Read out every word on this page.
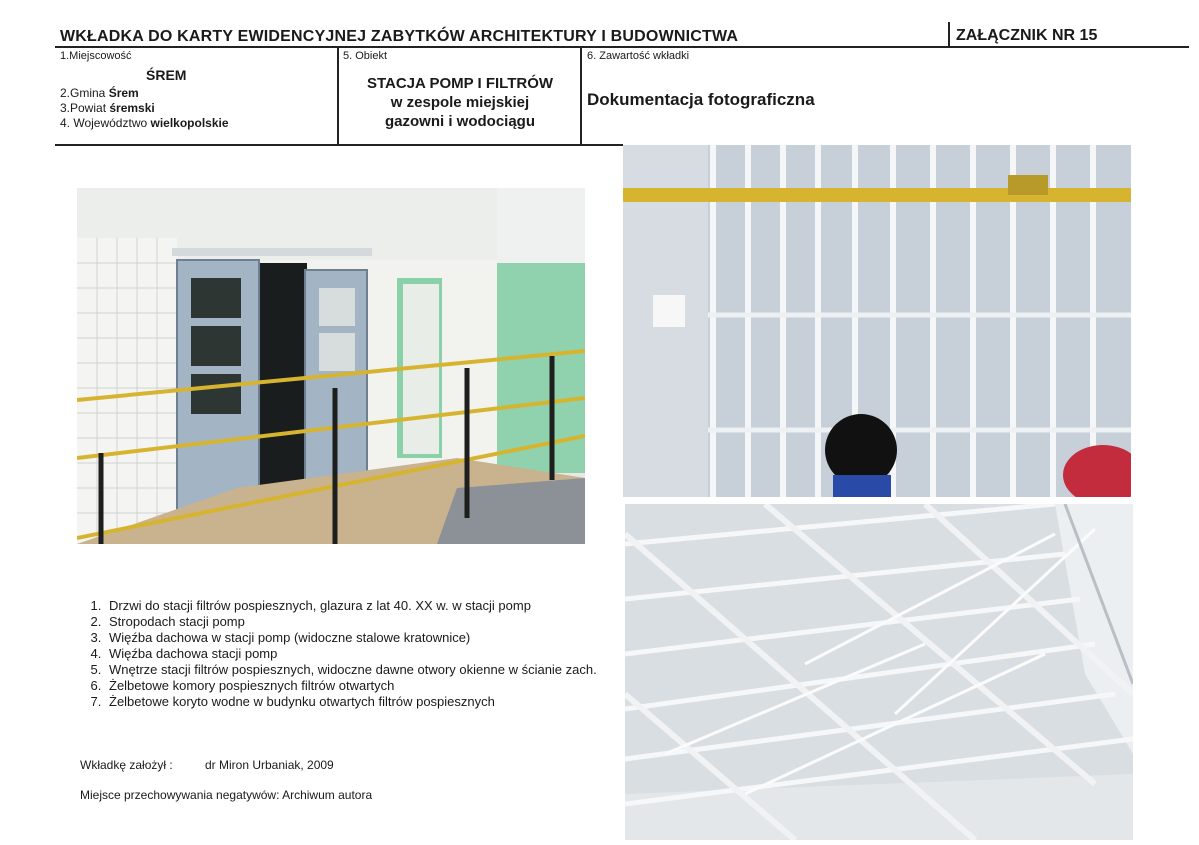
WKŁADKA DO KARTY EWIDENCYJNEJ ZABYTKÓW ARCHITEKTURY I BUDOWNICTWA	ZAŁĄCZNIK NR 15
1.Miejscowość
ŚREM
2.Gmina Śrem
3.Powiat śremski
4. Województwo wielkopolskie
5. Obiekt
STACJA POMP I FILTRÓW
w zespole miejskiej
gazowni i wodociągu
6. Zawartość wkładki
Dokumentacja fotograficzna
1. Drzwi do stacji filtrów pospiesznych, glazura z lat 40. XX w. w stacji pomp
2. Stropodach stacji pomp
3. Więźba dachowa w stacji pomp (widoczne stalowe kratownice)
4. Więźba dachowa stacji pomp
5. Wnętrze stacji filtrów pospiesznych, widoczne dawne otwory okienne w ścianie zach.
6. Żelbetowe komory pospiesznych filtrów otwartych
7. Żelbetowe koryto wodne w budynku otwartych filtrów pospiesznych
Wkładkę założył :	dr Miron Urbaniak, 2009
Miejsce przechowywania negatywów: Archiwum autora
